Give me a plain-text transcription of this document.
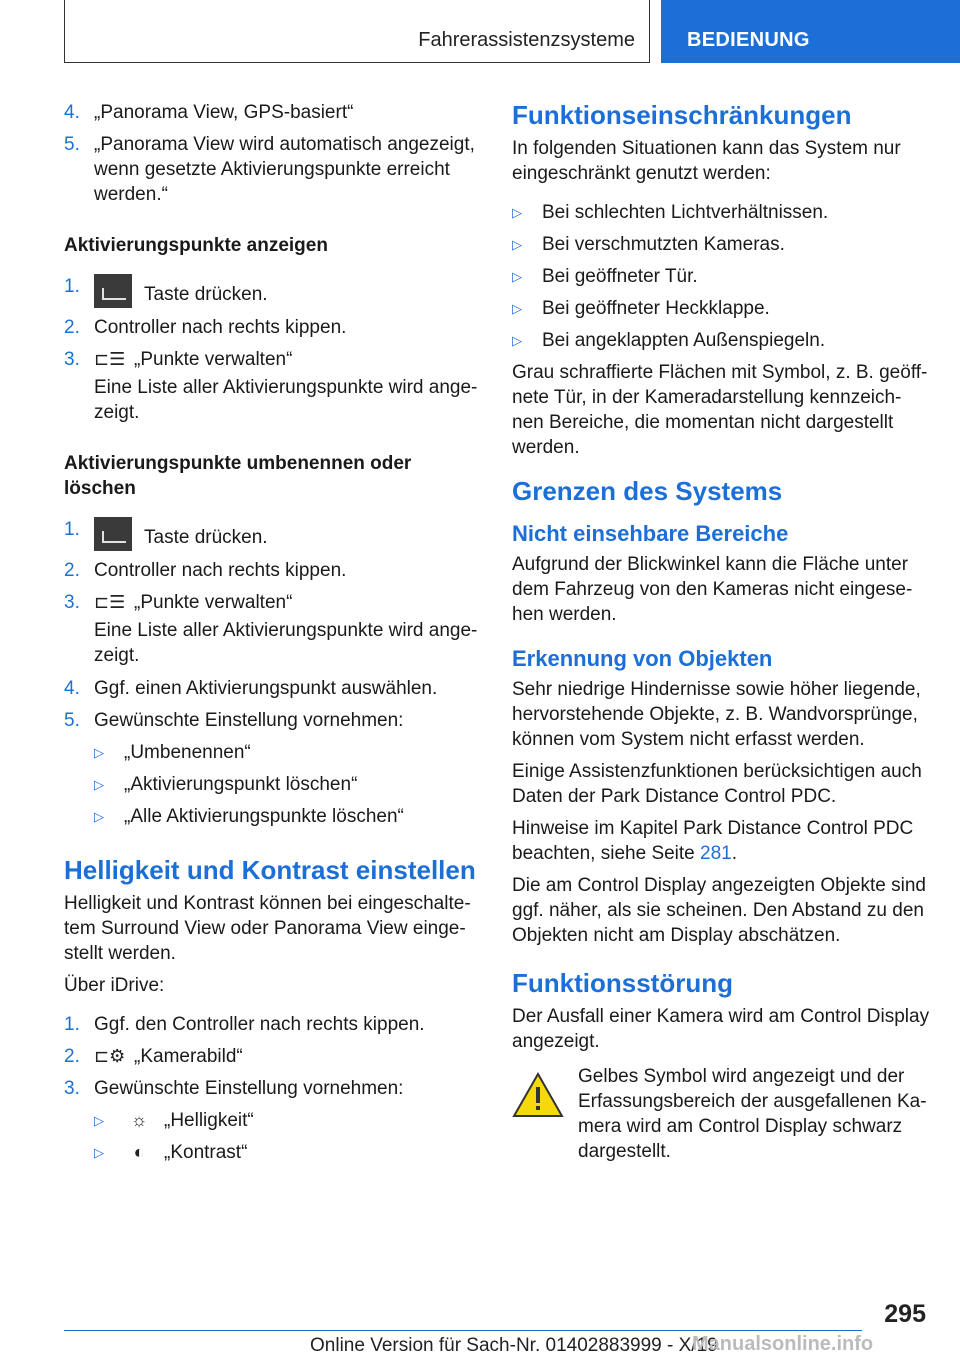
Fahrerassistenzsysteme	BEDIENUNG
4. „Panorama View, GPS-basiert“
5. „Panorama View wird automatisch angezeigt, wenn gesetzte Aktivierungspunkte erreicht werden.“
Aktivierungspunkte anzeigen
1.	Taste drücken.
2. Controller nach rechts kippen.
3. ⊏☰ „Punkte verwalten“
Eine Liste aller Aktivierungspunkte wird ange‐ zeigt.
Aktivierungspunkte umbenennen oder löschen
1.	Taste drücken.
2. Controller nach rechts kippen.
3. ⊏☰ „Punkte verwalten“
Eine Liste aller Aktivierungspunkte wird ange‐ zeigt.
4. Ggf. einen Aktivierungspunkt auswählen.
5. Gewünschte Einstellung vornehmen:
▷ „Umbenennen“
▷ „Aktivierungspunkt löschen“
▷ „Alle Aktivierungspunkte löschen“
Helligkeit und Kontrast einstellen

Helligkeit und Kontrast können bei eingeschalte‐ tem Surround View oder Panorama View einge‐ stellt werden.

Über iDrive:

1. Ggf. den Controller nach rechts kippen.
2. ⊏⚙ „Kamerabild“
3. Gewünschte Einstellung vornehmen:
▷ ☼ „Helligkeit“
▷ ◐ „Kontrast“
Funktionseinschränkungen

In folgenden Situationen kann das System nur eingeschränkt genutzt werden:

▷ Bei schlechten Lichtverhältnissen.
▷ Bei verschmutzten Kameras.
▷ Bei geöffneter Tür.
▷ Bei geöffneter Heckklappe.
▷ Bei angeklappten Außenspiegeln.

Grau schraffierte Flächen mit Symbol, z. B. geöff‐ nete Tür, in der Kameradarstellung kennzeich‐ nen Bereiche, die momentan nicht dargestellt werden.

Grenzen des Systems
Nicht einsehbare Bereiche

Aufgrund der Blickwinkel kann die Fläche unter dem Fahrzeug von den Kameras nicht eingese‐ hen werden.

Erkennung von Objekten

Sehr niedrige Hindernisse sowie höher liegende, hervorstehende Objekte, z. B. Wandvorsprünge, können vom System nicht erfasst werden.

Einige Assistenzfunktionen berücksichtigen auch Daten der Park Distance Control PDC.

Hinweise im Kapitel Park Distance Control PDC beachten, siehe Seite 281.

Die am Control Display angezeigten Objekte sind ggf. näher, als sie scheinen. Den Abstand zu den Objekten nicht am Display abschätzen.

Funktionsstörung

Der Ausfall einer Kamera wird am Control Display angezeigt.

Gelbes Symbol wird angezeigt und der Erfassungsbereich der ausgefallenen Ka‐ mera wird am Control Display schwarz dargestellt.
295
Online Version für Sach-Nr. 01402883999 - X/19
Manualsonline.info
